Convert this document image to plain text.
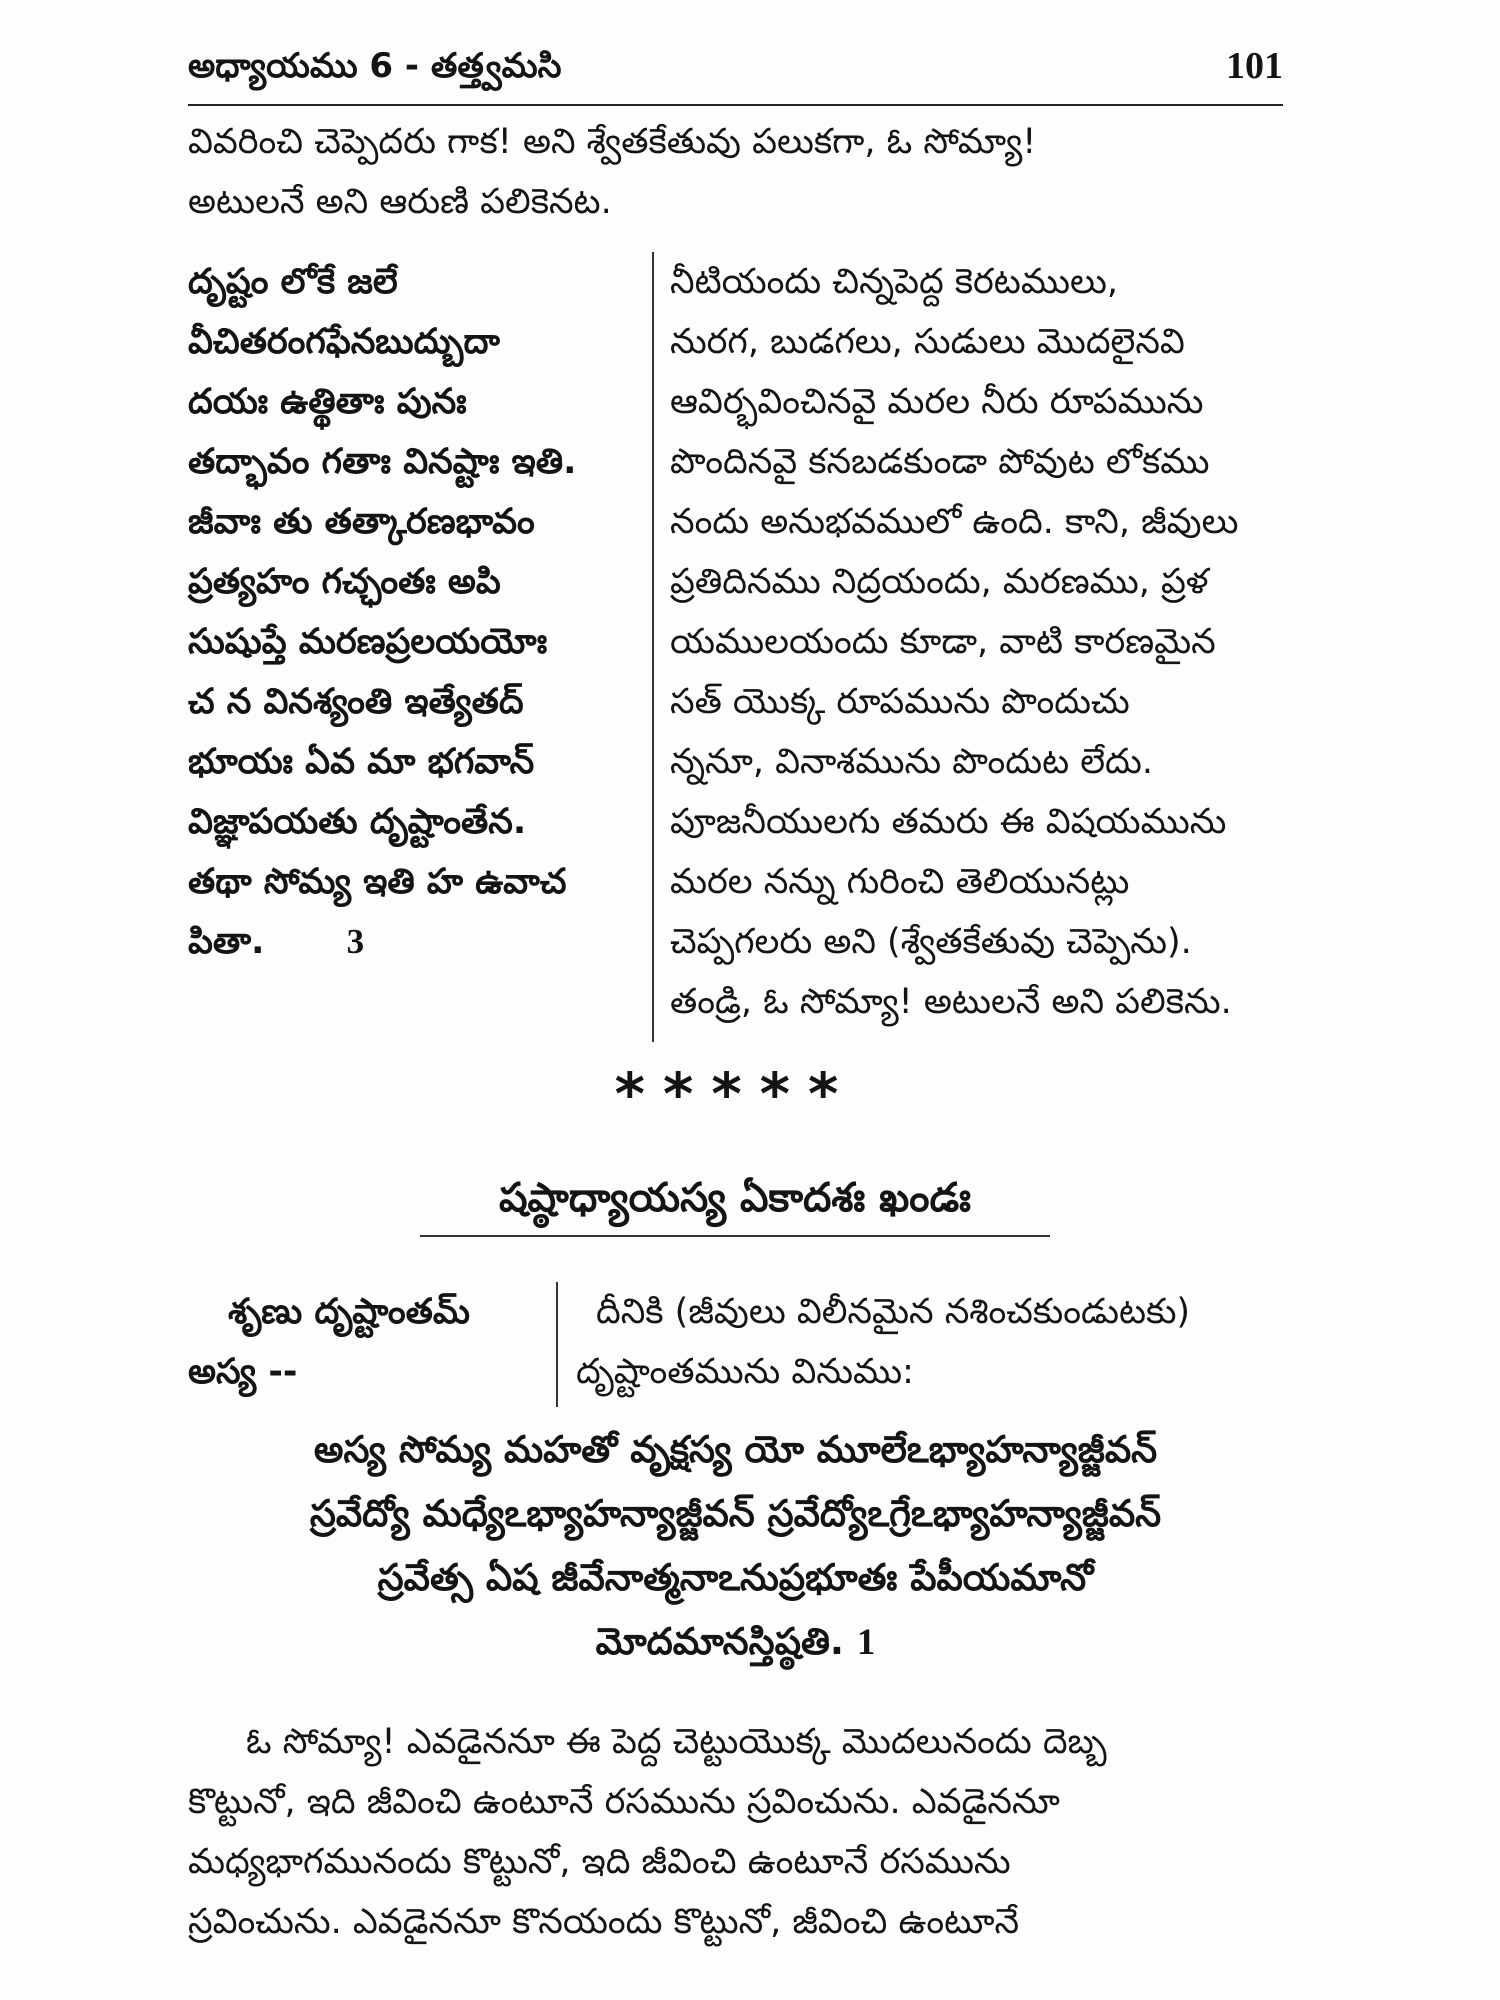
అధ్యాయము 6 - తత్త్వమసి	101
వివరించి చెప్పెదరు గాక! అని శ్వేతకేతువు పలుకగా, ఓ సోమ్యా!
అటులనే అని ఆరుణి పలికెనట.
దృష్టం లోకే జలే
వీచితరంగఫేనబుద్బుదా
దయః ఉత్థితాః పునః
తద్భావం గతాః వినష్టాః ఇతి.
జీవాః తు తత్కారణభావం
ప్రత్యహం గచ్ఛంతః అపి
సుషుప్తే మరణప్రలయయోః
చ న వినశ్యంతి ఇత్యేతద్
భూయః ఏవ మా భగవాన్
విజ్ఞాపయతు దృష్టాంతేన.
తథా సోమ్య ఇతి హ ఉవాచ
పితా. 3
నీటియందు చిన్నపెద్ద కెరటములు,
నురగ, బుడగలు, సుడులు మొదలైనవి
ఆవిర్భవించినవై మరల నీరు రూపమును
పొందినవై కనబడకుండా పోవుట లోకము
నందు అనుభవములో ఉంది. కాని, జీవులు
ప్రతిదినము నిద్రయందు, మరణము, ప్రళ
యములయందు కూడా, వాటి కారణమైన
సత్ యొక్క రూపమును పొందుచు
న్ననూ, వినాశమును పొందుట లేదు.
పూజనీయులగు తమరు ఈ విషయమును
మరల నన్ను గురించి తెలియునట్లు
చెప్పగలరు అని (శ్వేతకేతువు చెప్పెను).
తండ్రి, ఓ సోమ్యా! అటులనే అని పలికెను.
*****
షష్ఠాధ్యాయస్య ఏకాదశః ఖండః
శృణు దృష్టాంతమ్
అస్య --
దీనికి (జీవులు విలీనమైన నశించకుండుటకు)
దృష్టాంతమును వినుము:
అస్య సోమ్య మహతో వృక్షస్య యో మూలేఽభ్యాహన్యాజ్జీవన్
స్రవేద్యో మధ్యేఽభ్యాహన్యాజ్జీవన్ స్రవేద్యోఽగ్రేఽభ్యాహన్యాజ్జీవన్
స్రవేత్స ఏష జీవేనాత్మనాఽనుప్రభూతః పేపీయమానో
మోదమానస్తిష్ఠతి. 1
ఓ సోమ్యా! ఎవడైననూ ఈ పెద్ద చెట్టుయొక్క మొదలునందు దెబ్బ
కొట్టునో, ఇది జీవించి ఉంటూనే రసమును స్రవించును. ఎవడైననూ
మధ్యభాగమునందు కొట్టునో, ఇది జీవించి ఉంటూనే రసమును
స్రవించును. ఎవడైననూ కొనయందు కొట్టునో, జీవించి ఉంటూనే
